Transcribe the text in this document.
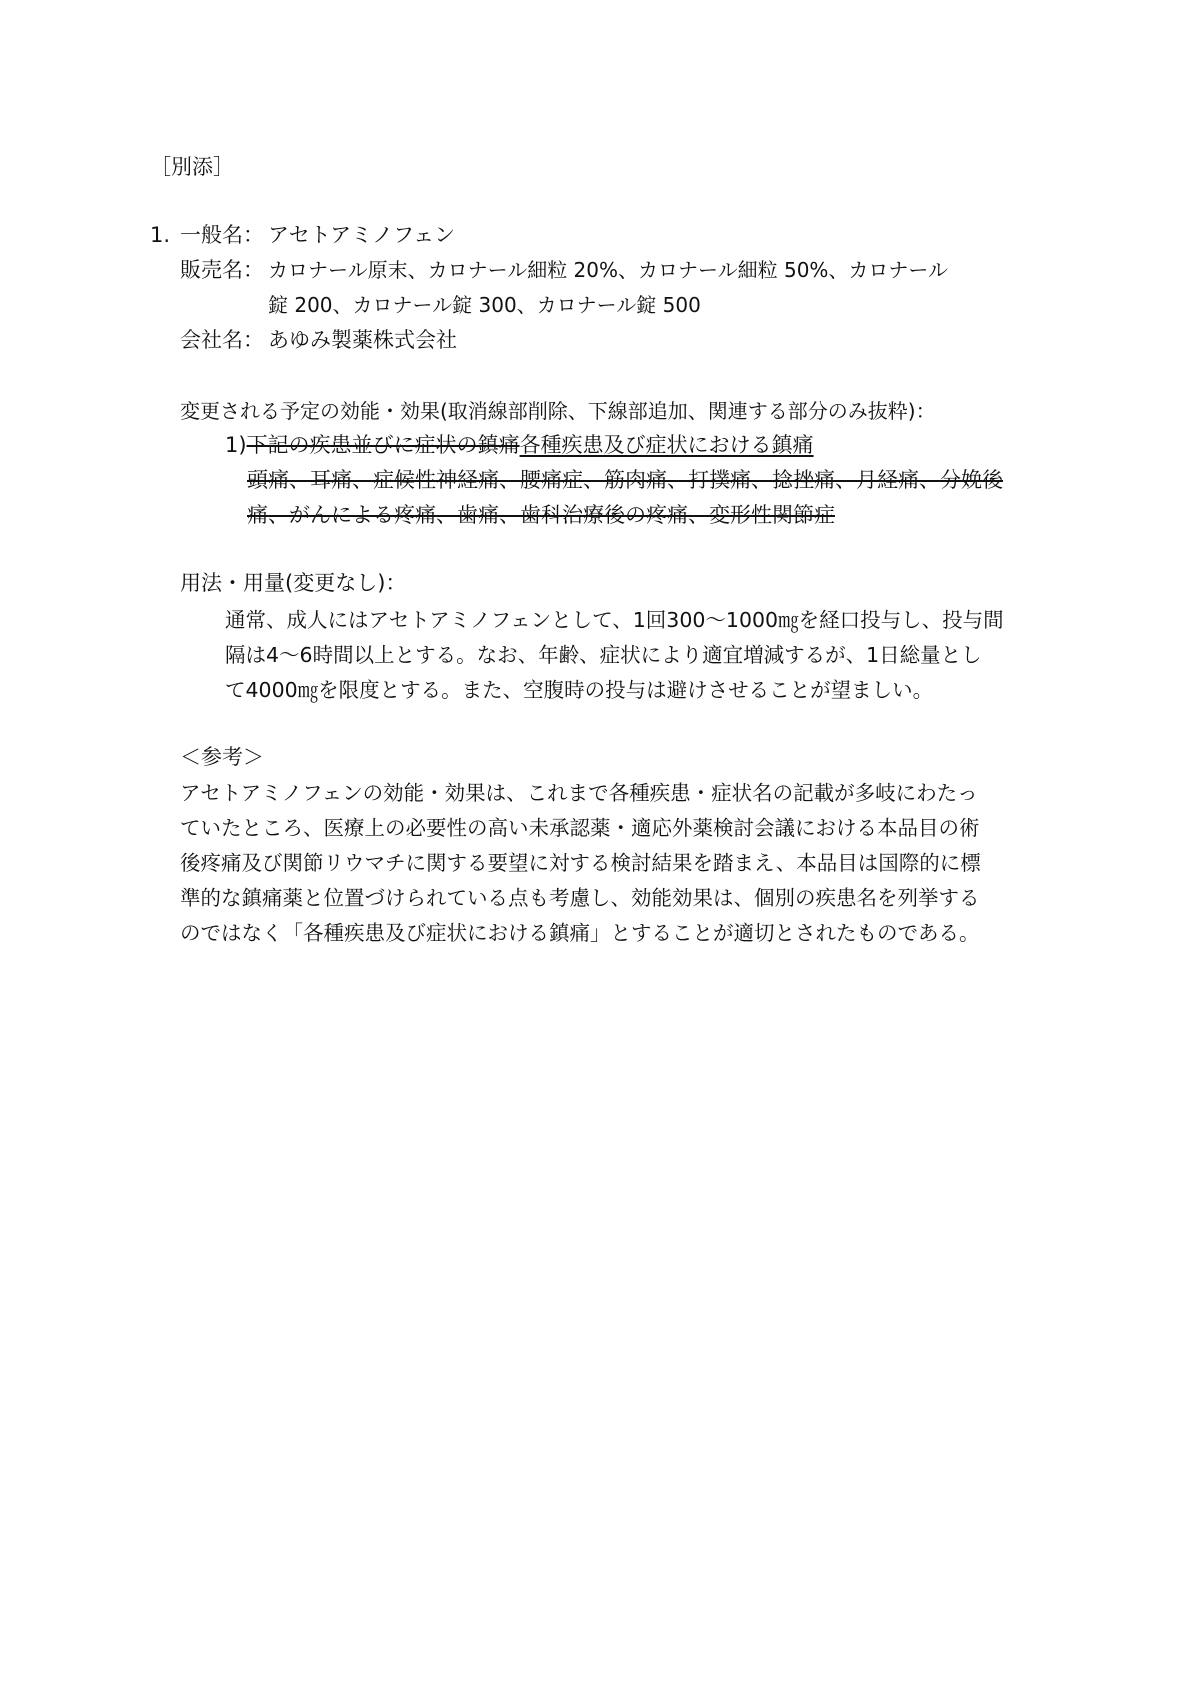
［別添］
1. 一般名： アセトアミノフェン
販売名： カロナール原末、カロナール細粒 20%、カロナール細粒 50%、カロナール
錠 200、カロナール錠 300、カロナール錠 500
会社名： あゆみ製薬株式会社
変更される予定の効能・効果(取消線部削除、下線部追加、関連する部分のみ抜粋)：
1)下記の疾患並びに症状の鎮痛各種疾患及び症状における鎮痛
頭痛、耳痛、症候性神経痛、腰痛症、筋肉痛、打撲痛、捻挫痛、月経痛、分娩後
痛、がんによる疼痛、歯痛、歯科治療後の疼痛、変形性関節症
用法・用量(変更なし)：
通常、成人にはアセトアミノフェンとして、1回300～1000㎎を経口投与し、投与間
隔は4～6時間以上とする。なお、年齢、症状により適宜増減するが、1日総量とし
て4000㎎を限度とする。また、空腹時の投与は避けさせることが望ましい。
＜参考＞
アセトアミノフェンの効能・効果は、これまで各種疾患・症状名の記載が多岐にわたっ
ていたところ、医療上の必要性の高い未承認薬・適応外薬検討会議における本品目の術
後疼痛及び関節リウマチに関する要望に対する検討結果を踏まえ、本品目は国際的に標
準的な鎮痛薬と位置づけられている点も考慮し、効能効果は、個別の疾患名を列挙する
のではなく「各種疾患及び症状における鎮痛」とすることが適切とされたものである。
